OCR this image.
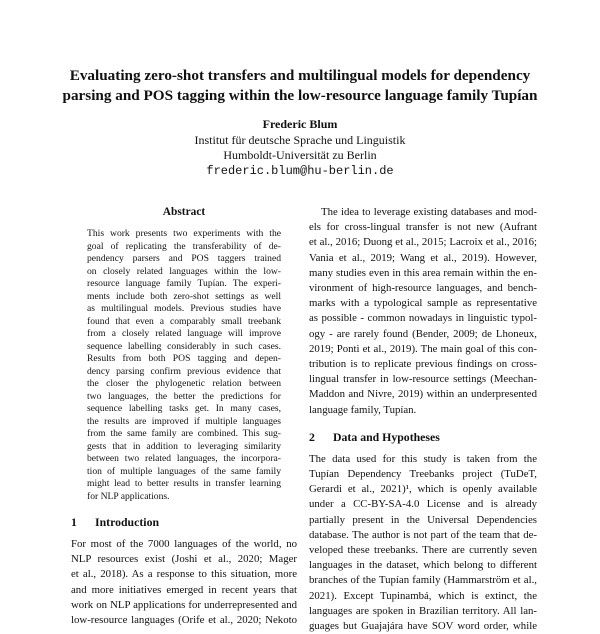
Evaluating zero-shot transfers and multilingual models for dependency
parsing and POS tagging within the low-resource language family Tupían
Frederic Blum
Institut für deutsche Sprache und Linguistik
Humboldt-Universität zu Berlin
frederic.blum@hu-berlin.de
Abstract
This work presents two experiments with the
goal of replicating the transferability of de-
pendency parsers and POS taggers trained
on closely related languages within the low-
resource language family Tupían. The experi-
ments include both zero-shot settings as well
as multilingual models. Previous studies have
found that even a comparably small treebank
from a closely related language will improve
sequence labelling considerably in such cases.
Results from both POS tagging and depen-
dency parsing confirm previous evidence that
the closer the phylogenetic relation between
two languages, the better the predictions for
sequence labelling tasks get. In many cases,
the results are improved if multiple languages
from the same family are combined. This sug-
gests that in addition to leveraging similarity
between two related languages, the incorpora-
tion of multiple languages of the same family
might lead to better results in transfer learning
for NLP applications.
1 Introduction
For most of the 7000 languages of the world, no
NLP resources exist (Joshi et al., 2020; Mager
et al., 2018). As a response to this situation, more
and more initiatives emerged in recent years that
work on NLP applications for underrepresented and
low-resource languages (Orife et al., 2020; Nekoto
The idea to leverage existing databases and mod-
els for cross-lingual transfer is not new (Aufrant
et al., 2016; Duong et al., 2015; Lacroix et al., 2016;
Vania et al., 2019; Wang et al., 2019). However,
many studies even in this area remain within the en-
vironment of high-resource languages, and bench-
marks with a typological sample as representative
as possible - common nowadays in linguistic typol-
ogy - are rarely found (Bender, 2009; de Lhoneux,
2019; Ponti et al., 2019). The main goal of this con-
tribution is to replicate previous findings on cross-
lingual transfer in low-resource settings (Meechan-
Maddon and Nivre, 2019) within an underpresented
language family, Tupían.
2 Data and Hypotheses
The data used for this study is taken from the
Tupían Dependency Treebanks project (TuDeT,
Gerardi et al., 2021)¹, which is openly available
under a CC-BY-SA-4.0 License and is already
partially present in the Universal Dependencies
database. The author is not part of the team that de-
veloped these treebanks. There are currently seven
languages in the dataset, which belong to different
branches of the Tupían family (Hammarström et al.,
2021). Except Tupinambá, which is extinct, the
languages are spoken in Brazilian territory. All lan-
guages but Guajajára have SOV word order, while
